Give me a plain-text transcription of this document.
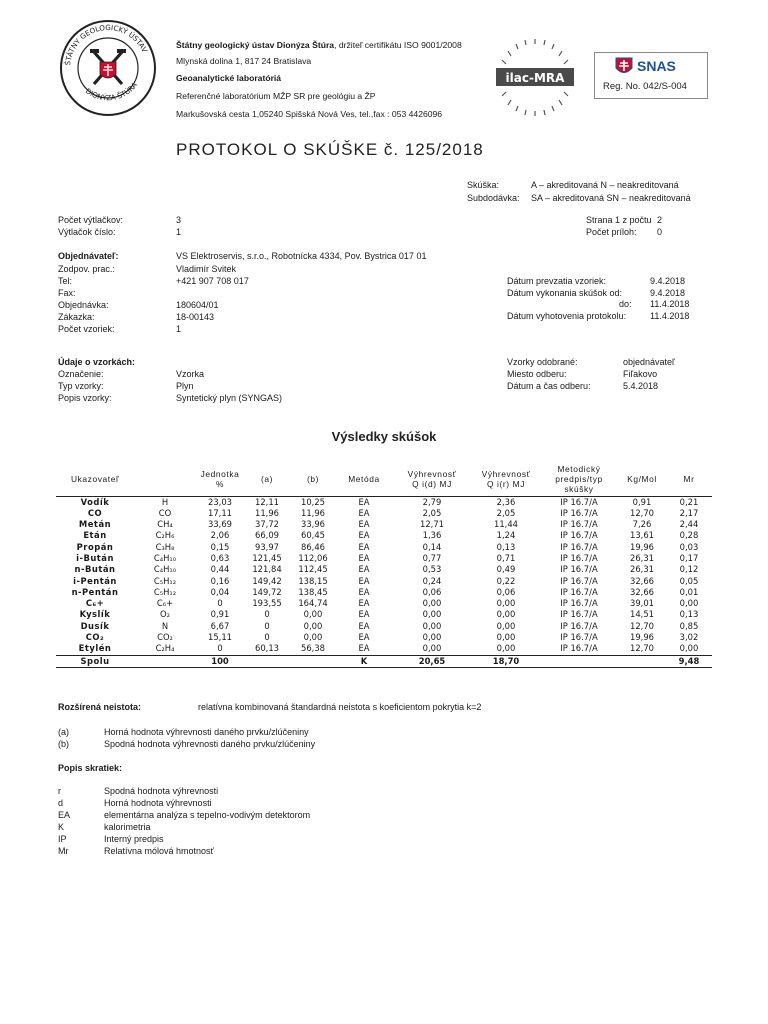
ŠTÁTNY GEOLOGICKÝ ÚSTAV
DIONÝZA ŠTÚRA
Štátny geologický ústav Dionýza Štúra, držiteľ certifikátu ISO 9001/2008
Mlynská dolina 1, 817 24 Bratislava
Geoanalytické laboratóriá
Referenčné laboratórium MŽP SR pre geológiu a ŽP
Markušovská cesta 1,05240 Spišská Nová Ves, tel.,fax : 053 4426096
ilac-MRA
SNAS
Reg. No. 042/S-004
PROTOKOL O SKÚŠKE č. 125/2018
Skúška:	A – akreditovaná N – neakreditovaná
Subdodávka: SA – akreditovaná SN – neakreditovaná
Počet výtlačkov:	3
Výtlačok číslo:	1
Strana 1 z počtu 2
Počet príloh: 0
Objednávateľ:	VS Elektroservis, s.r.o., Robotnícka 4334, Pov. Bystrica 017 01
Zodpov. prac.:	Vladimír Svitek
Tel:	+421 907 708 017
Fax:
Objednávka:	180604/01
Zákazka:	18-00143
Počet vzoriek:	1
Dátum prevzatia vzoriek:	9.4.2018
Dátum vykonania skúšok od:	9.4.2018
do: 11.4.2018
Dátum vyhotovenia protokolu:	11.4.2018
Údaje o vzorkách:
Označenie:	Vzorka
Typ vzorky:	Plyn
Popis vzorky:	Syntetický plyn (SYNGAS)
Vzorky odobrané:	objednávateľ
Miesto odberu:	Fiľakovo
Dátum a čas odberu:	5.4.2018
Výsledky skúšok
Ukazovateľ		Jednotka
%	(a)	(b)	Metóda	Výhrevnosť
Q i(d) MJ	Výhrevnosť
Q i(r) MJ	Metodický
predpis/typ
skúšky	Kg/Mol	Mr
Vodík	H	23,03	12,11	10,25	EA	2,79	2,36	IP 16.7/A	0,91	0,21
CO	CO	17,11	11,96	11,96	EA	2,05	2,05	IP 16.7/A	12,70	2,17
Metán	CH₄	33,69	37,72	33,96	EA	12,71	11,44	IP 16.7/A	7,26	2,44
Etán	C₂H₆	2,06	66,09	60,45	EA	1,36	1,24	IP 16.7/A	13,61	0,28
Propán	C₃H₈	0,15	93,97	86,46	EA	0,14	0,13	IP 16.7/A	19,96	0,03
i-Bután	C₄H₁₀	0,63	121,45	112,06	EA	0,77	0,71	IP 16.7/A	26,31	0,17
n-Bután	C₄H₁₀	0,44	121,84	112,45	EA	0,53	0,49	IP 16.7/A	26,31	0,12
i-Pentán	C₅H₁₂	0,16	149,42	138,15	EA	0,24	0,22	IP 16.7/A	32,66	0,05
n-Pentán	C₅H₁₂	0,04	149,72	138,45	EA	0,06	0,06	IP 16.7/A	32,66	0,01
C₆+	C₆+	0	193,55	164,74	EA	0,00	0,00	IP 16.7/A	39,01	0,00
Kyslík	O₂	0,91	0	0,00	EA	0,00	0,00	IP 16.7/A	14,51	0,13
Dusík	N	6,67	0	0,00	EA	0,00	0,00	IP 16.7/A	12,70	0,85
CO₂	CO₂	15,11	0	0,00	EA	0,00	0,00	IP 16.7/A	19,96	3,02
Etylén	C₂H₄	0	60,13	56,38	EA	0,00	0,00	IP 16.7/A	12,70	0,00
Spolu		100			K	20,65	18,70			9,48
Rozšírená neistota:	relatívna kombinovaná štandardná neistota s koeficientom pokrytia k=2
(a)	Horná hodnota výhrevnosti daného prvku/zlúčeniny
(b)	Spodná hodnota výhrevnosti daného prvku/zlúčeniny
Popis skratiek:
r	Spodná hodnota výhrevnosti
d	Horná hodnota výhrevnosti
EA	elementárna analýza s tepelno-vodivým detektorom
K	kalorimetria
IP	Interný predpis
Mr	Relatívna mólová hmotnosť
